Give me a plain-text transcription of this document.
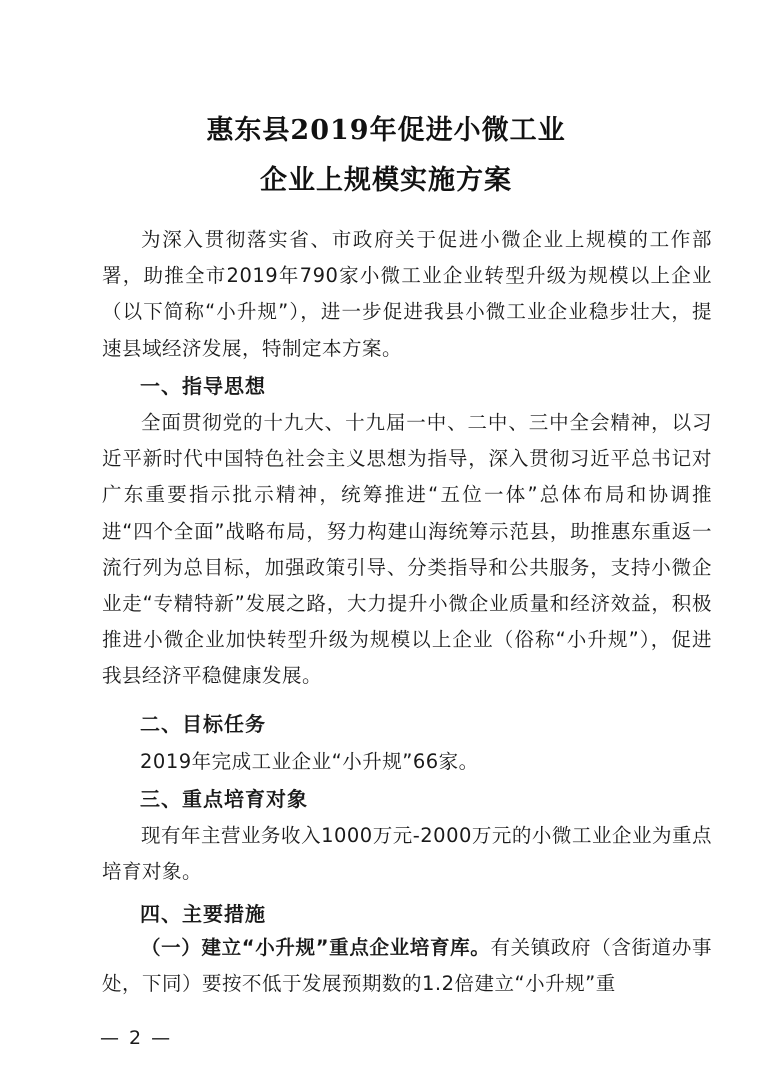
惠东县2019年促进小微工业
企业上规模实施方案
为深入贯彻落实省、市政府关于促进小微企业上规模的工作部署，助推全市2019年790家小微工业企业转型升级为规模以上企业（以下简称“小升规”），进一步促进我县小微工业企业稳步壮大，提速县域经济发展，特制定本方案。
一、指导思想
全面贯彻党的十九大、十九届一中、二中、三中全会精神，以习近平新时代中国特色社会主义思想为指导，深入贯彻习近平总书记对广东重要指示批示精神，统筹推进“五位一体”总体布局和协调推进“四个全面”战略布局，努力构建山海统筹示范县，助推惠东重返一流行列为总目标，加强政策引导、分类指导和公共服务，支持小微企业走“专精特新”发展之路，大力提升小微企业质量和经济效益，积极推进小微企业加快转型升级为规模以上企业（俗称“小升规”），促进我县经济平稳健康发展。
二、目标任务
2019年完成工业企业“小升规”66家。
三、重点培育对象
现有年主营业务收入1000万元-2000万元的小微工业企业为重点培育对象。
四、主要措施
（一）建立“小升规”重点企业培育库。有关镇政府（含街道办事处，下同）要按不低于发展预期数的1.2倍建立“小升规”重
— 2 —
